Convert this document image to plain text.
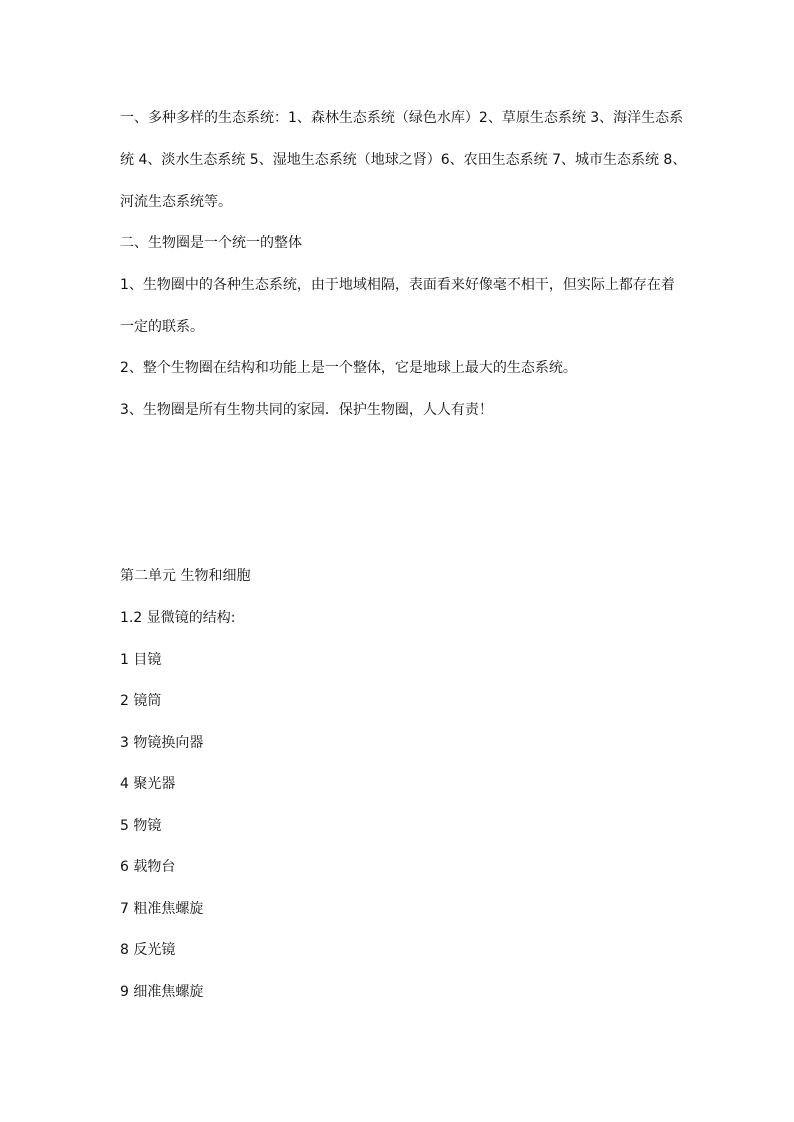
一、多种多样的生态系统：1、森林生态系统（绿色水库）2、草原生态系统 3、海洋生态系
统 4、淡水生态系统 5、湿地生态系统（地球之肾）6、农田生态系统 7、城市生态系统 8、
河流生态系统等。
二、生物圈是一个统一的整体
1、生物圈中的各种生态系统，由于地域相隔，表面看来好像毫不相干，但实际上都存在着
一定的联系。
2、整个生物圈在结构和功能上是一个整体，它是地球上最大的生态系统。
3、生物圈是所有生物共同的家园．保护生物圈，人人有责！
第二单元 生物和细胞
1.2 显微镜的结构:
1 目镜
2 镜筒
3 物镜换向器
4 聚光器
5 物镜
6 载物台
7 粗准焦螺旋
8 反光镜
9 细准焦螺旋
